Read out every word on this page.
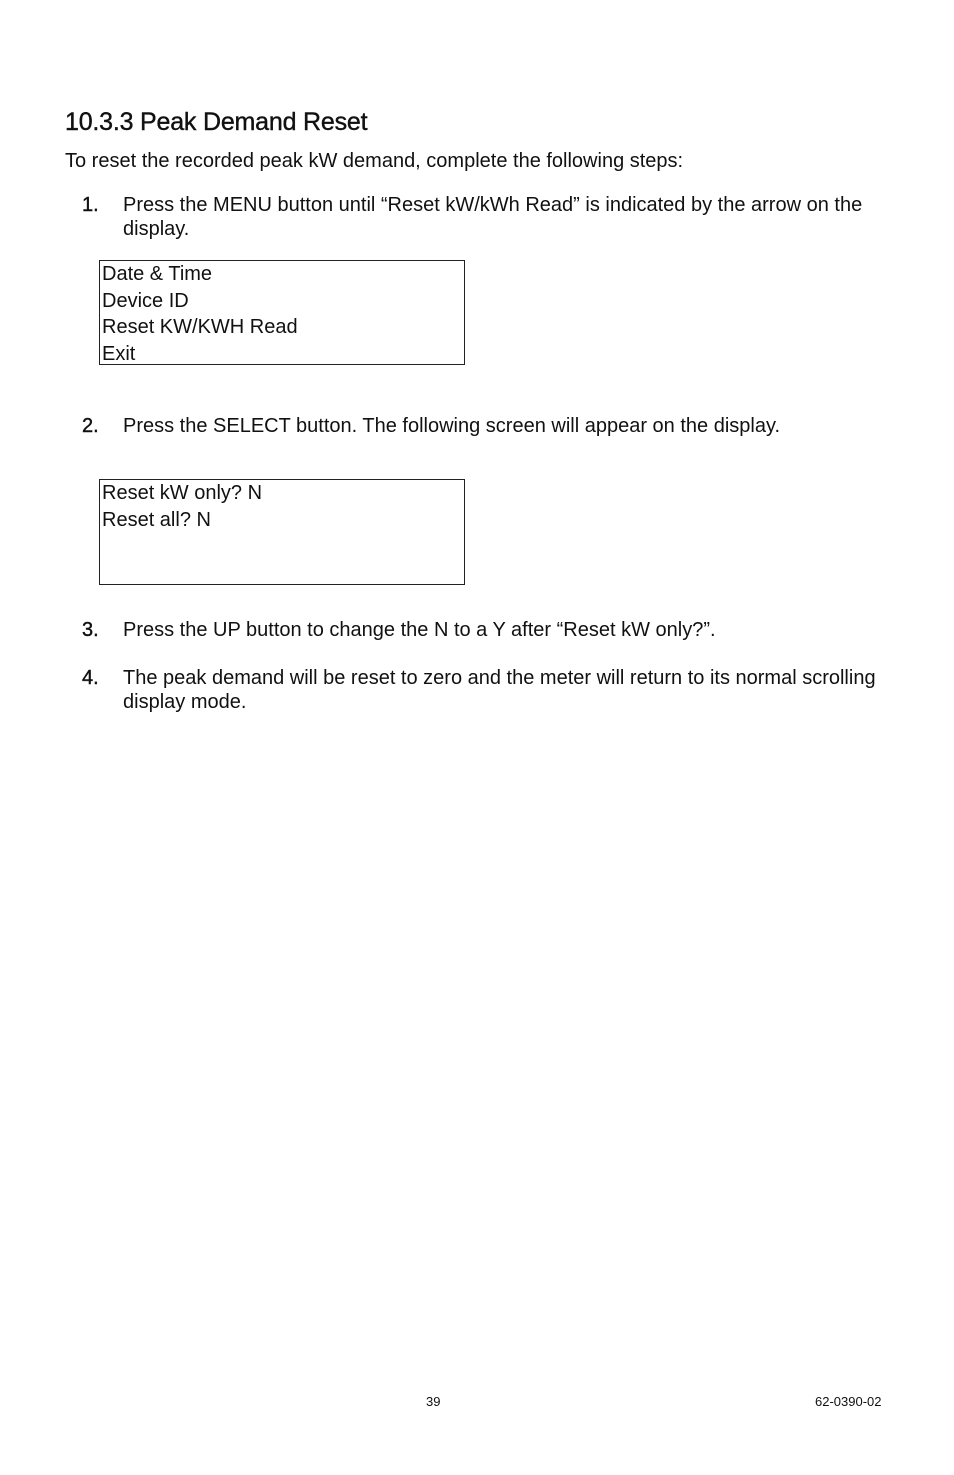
10.3.3 Peak Demand Reset
To reset the recorded peak kW demand, complete the following steps:
1.	Press the MENU button until “Reset kW/kWh Read” is indicated by the arrow on the display.
Date & Time
Device ID
Reset KW/KWH Read
Exit
2.	Press the SELECT button. The following screen will appear on the display.
Reset kW only? N
Reset all? N
3.	Press the UP button to change the N to a Y after “Reset kW only?”.
4.	The peak demand will be reset to zero and the meter will return to its normal scrolling display mode.
39	62-0390-02
